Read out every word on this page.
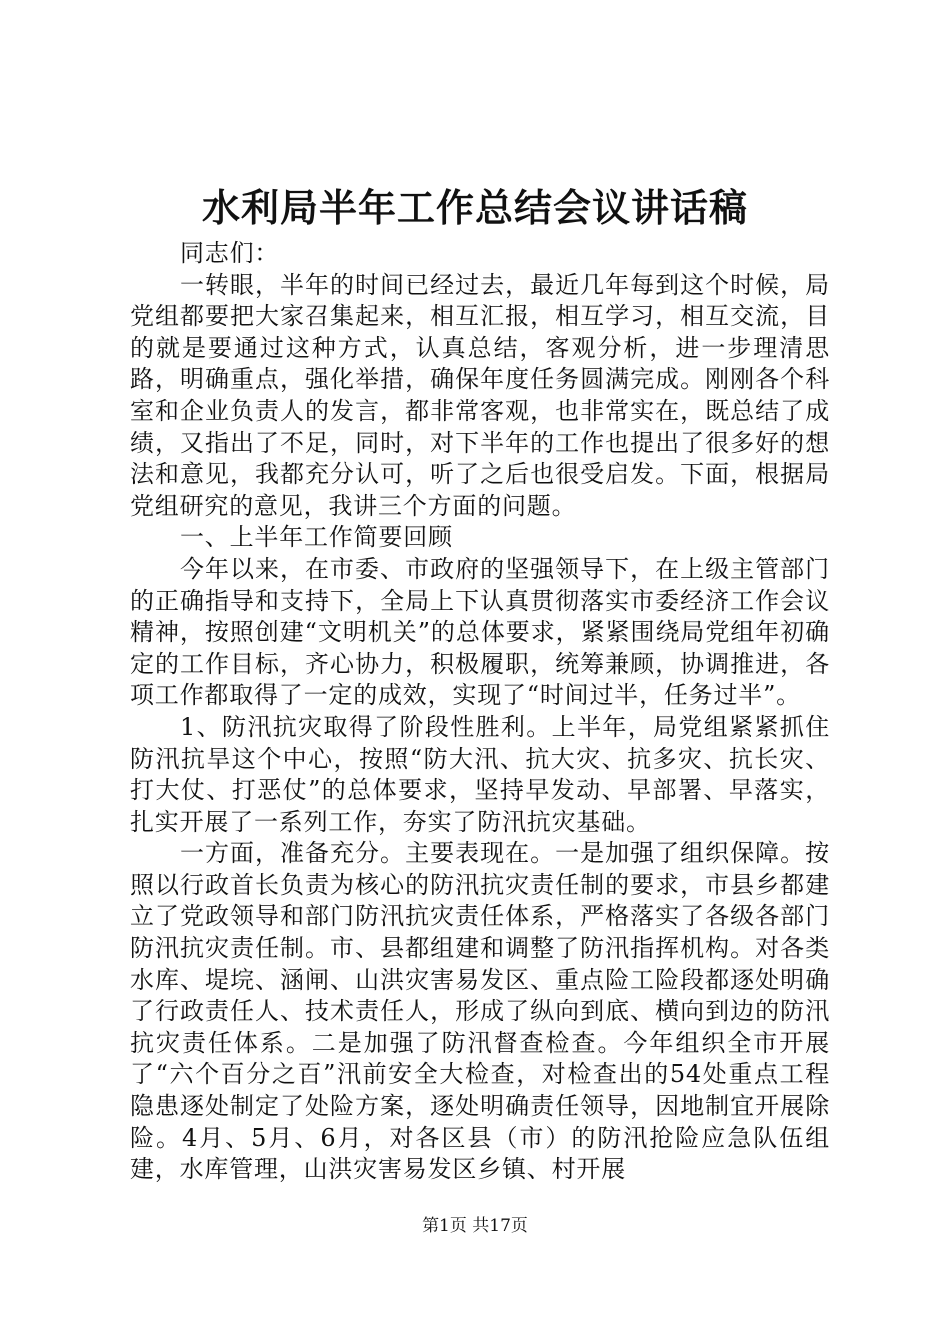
水利局半年工作总结会议讲话稿

同志们：

一转眼，半年的时间已经过去，最近几年每到这个时候，局党组都要把大家召集起来，相互汇报，相互学习，相互交流，目的就是要通过这种方式，认真总结，客观分析，进一步理清思路，明确重点，强化举措，确保年度任务圆满完成。刚刚各个科室和企业负责人的发言，都非常客观，也非常实在，既总结了成绩，又指出了不足，同时，对下半年的工作也提出了很多好的想法和意见，我都充分认可，听了之后也很受启发。下面，根据局党组研究的意见，我讲三个方面的问题。

一、上半年工作简要回顾

今年以来，在市委、市政府的坚强领导下，在上级主管部门的正确指导和支持下，全局上下认真贯彻落实市委经济工作会议精神，按照创建“文明机关”的总体要求，紧紧围绕局党组年初确定的工作目标，齐心协力，积极履职，统筹兼顾，协调推进，各项工作都取得了一定的成效，实现了“时间过半，任务过半”。

1、防汛抗灾取得了阶段性胜利。上半年，局党组紧紧抓住防汛抗旱这个中心，按照“防大汛、抗大灾、抗多灾、抗长灾、打大仗、打恶仗”的总体要求，坚持早发动、早部署、早落实，扎实开展了一系列工作，夯实了防汛抗灾基础。

一方面，准备充分。主要表现在。一是加强了组织保障。按照以行政首长负责为核心的防汛抗灾责任制的要求，市县乡都建立了党政领导和部门防汛抗灾责任体系，严格落实了各级各部门防汛抗灾责任制。市、县都组建和调整了防汛指挥机构。对各类水库、堤垸、涵闸、山洪灾害易发区、重点险工险段都逐处明确了行政责任人、技术责任人，形成了纵向到底、横向到边的防汛抗灾责任体系。二是加强了防汛督查检查。今年组织全市开展了“六个百分之百”汛前安全大检查，对检查出的54处重点工程隐患逐处制定了处险方案，逐处明确责任领导，因地制宜开展除险。4月、5月、6月，对各区县（市）的防汛抢险应急队伍组建，水库管理，山洪灾害易发区乡镇、村开展

第1页 共17页
